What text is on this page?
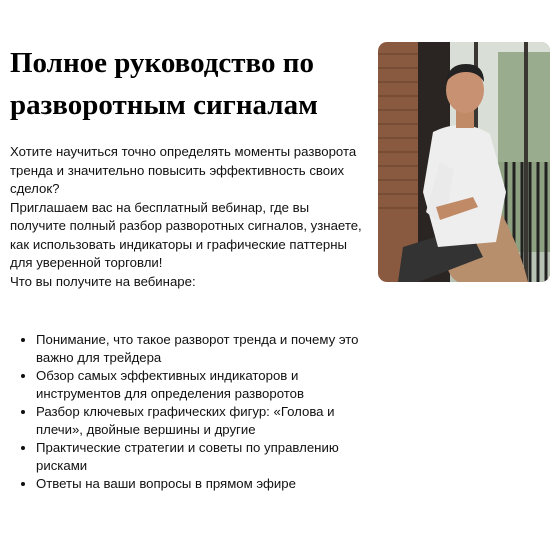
Полное руководство по разворотным сигналам

Хотите научиться точно определять моменты разворота тренда и значительно повысить эффективность своих сделок?

Приглашаем вас на бесплатный вебинар, где вы получите полный разбор разворотных сигналов, узнаете, как использовать индикаторы и графические паттерны для уверенной торговли!

Что вы получите на вебинаре:
• Понимание, что такое разворот тренда и почему это важно для трейдера
• Обзор самых эффективных индикаторов и инструментов для определения разворотов
• Разбор ключевых графических фигур: «Голова и плечи», двойные вершины и другие
• Практические стратегии и советы по управлению рисками
• Ответы на ваши вопросы в прямом эфире
